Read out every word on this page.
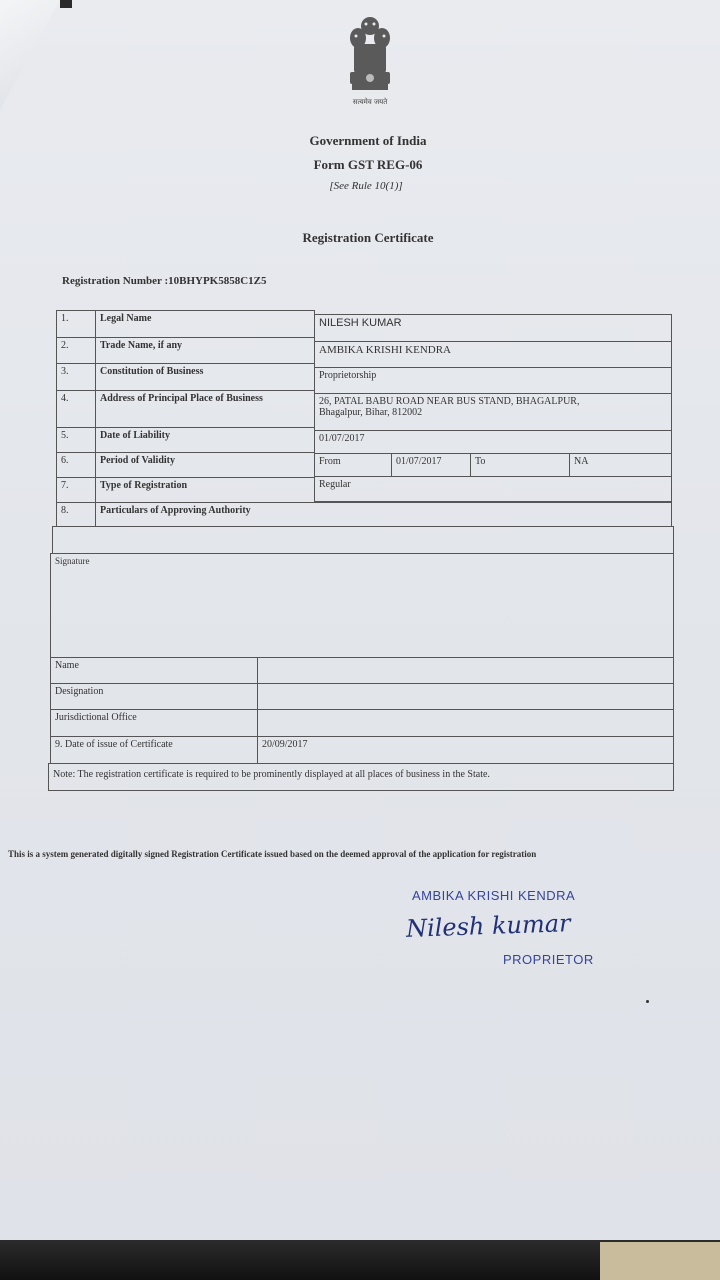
सत्यमेव जयते
Government of India
Form GST REG-06
[See Rule 10(1)]
Registration Certificate
Registration Number :10BHYPK5858C1Z5
1.	Legal Name	NILESH KUMAR
2.	Trade Name, if any	AMBIKA KRISHI KENDRA
3.	Constitution of Business	Proprietorship
4.	Address of Principal Place of Business	26, PATAL BABU ROAD NEAR BUS STAND, BHAGALPUR,
Bhagalpur, Bihar, 812002
5.	Date of Liability	01/07/2017
6.	Period of Validity	From	01/07/2017	To	NA
7.	Type of Registration	Regular
8.	Particulars of Approving Authority
Signature
Name
Designation
Jurisdictional Office
9. Date of issue of Certificate	20/09/2017
Note: The registration certificate is required to be prominently displayed at all places of business in the State.
This is a system generated digitally signed Registration Certificate issued based on the deemed approval of the application for registration
AMBIKA KRISHI KENDRA
Nilesh kumar
PROPRIETOR
